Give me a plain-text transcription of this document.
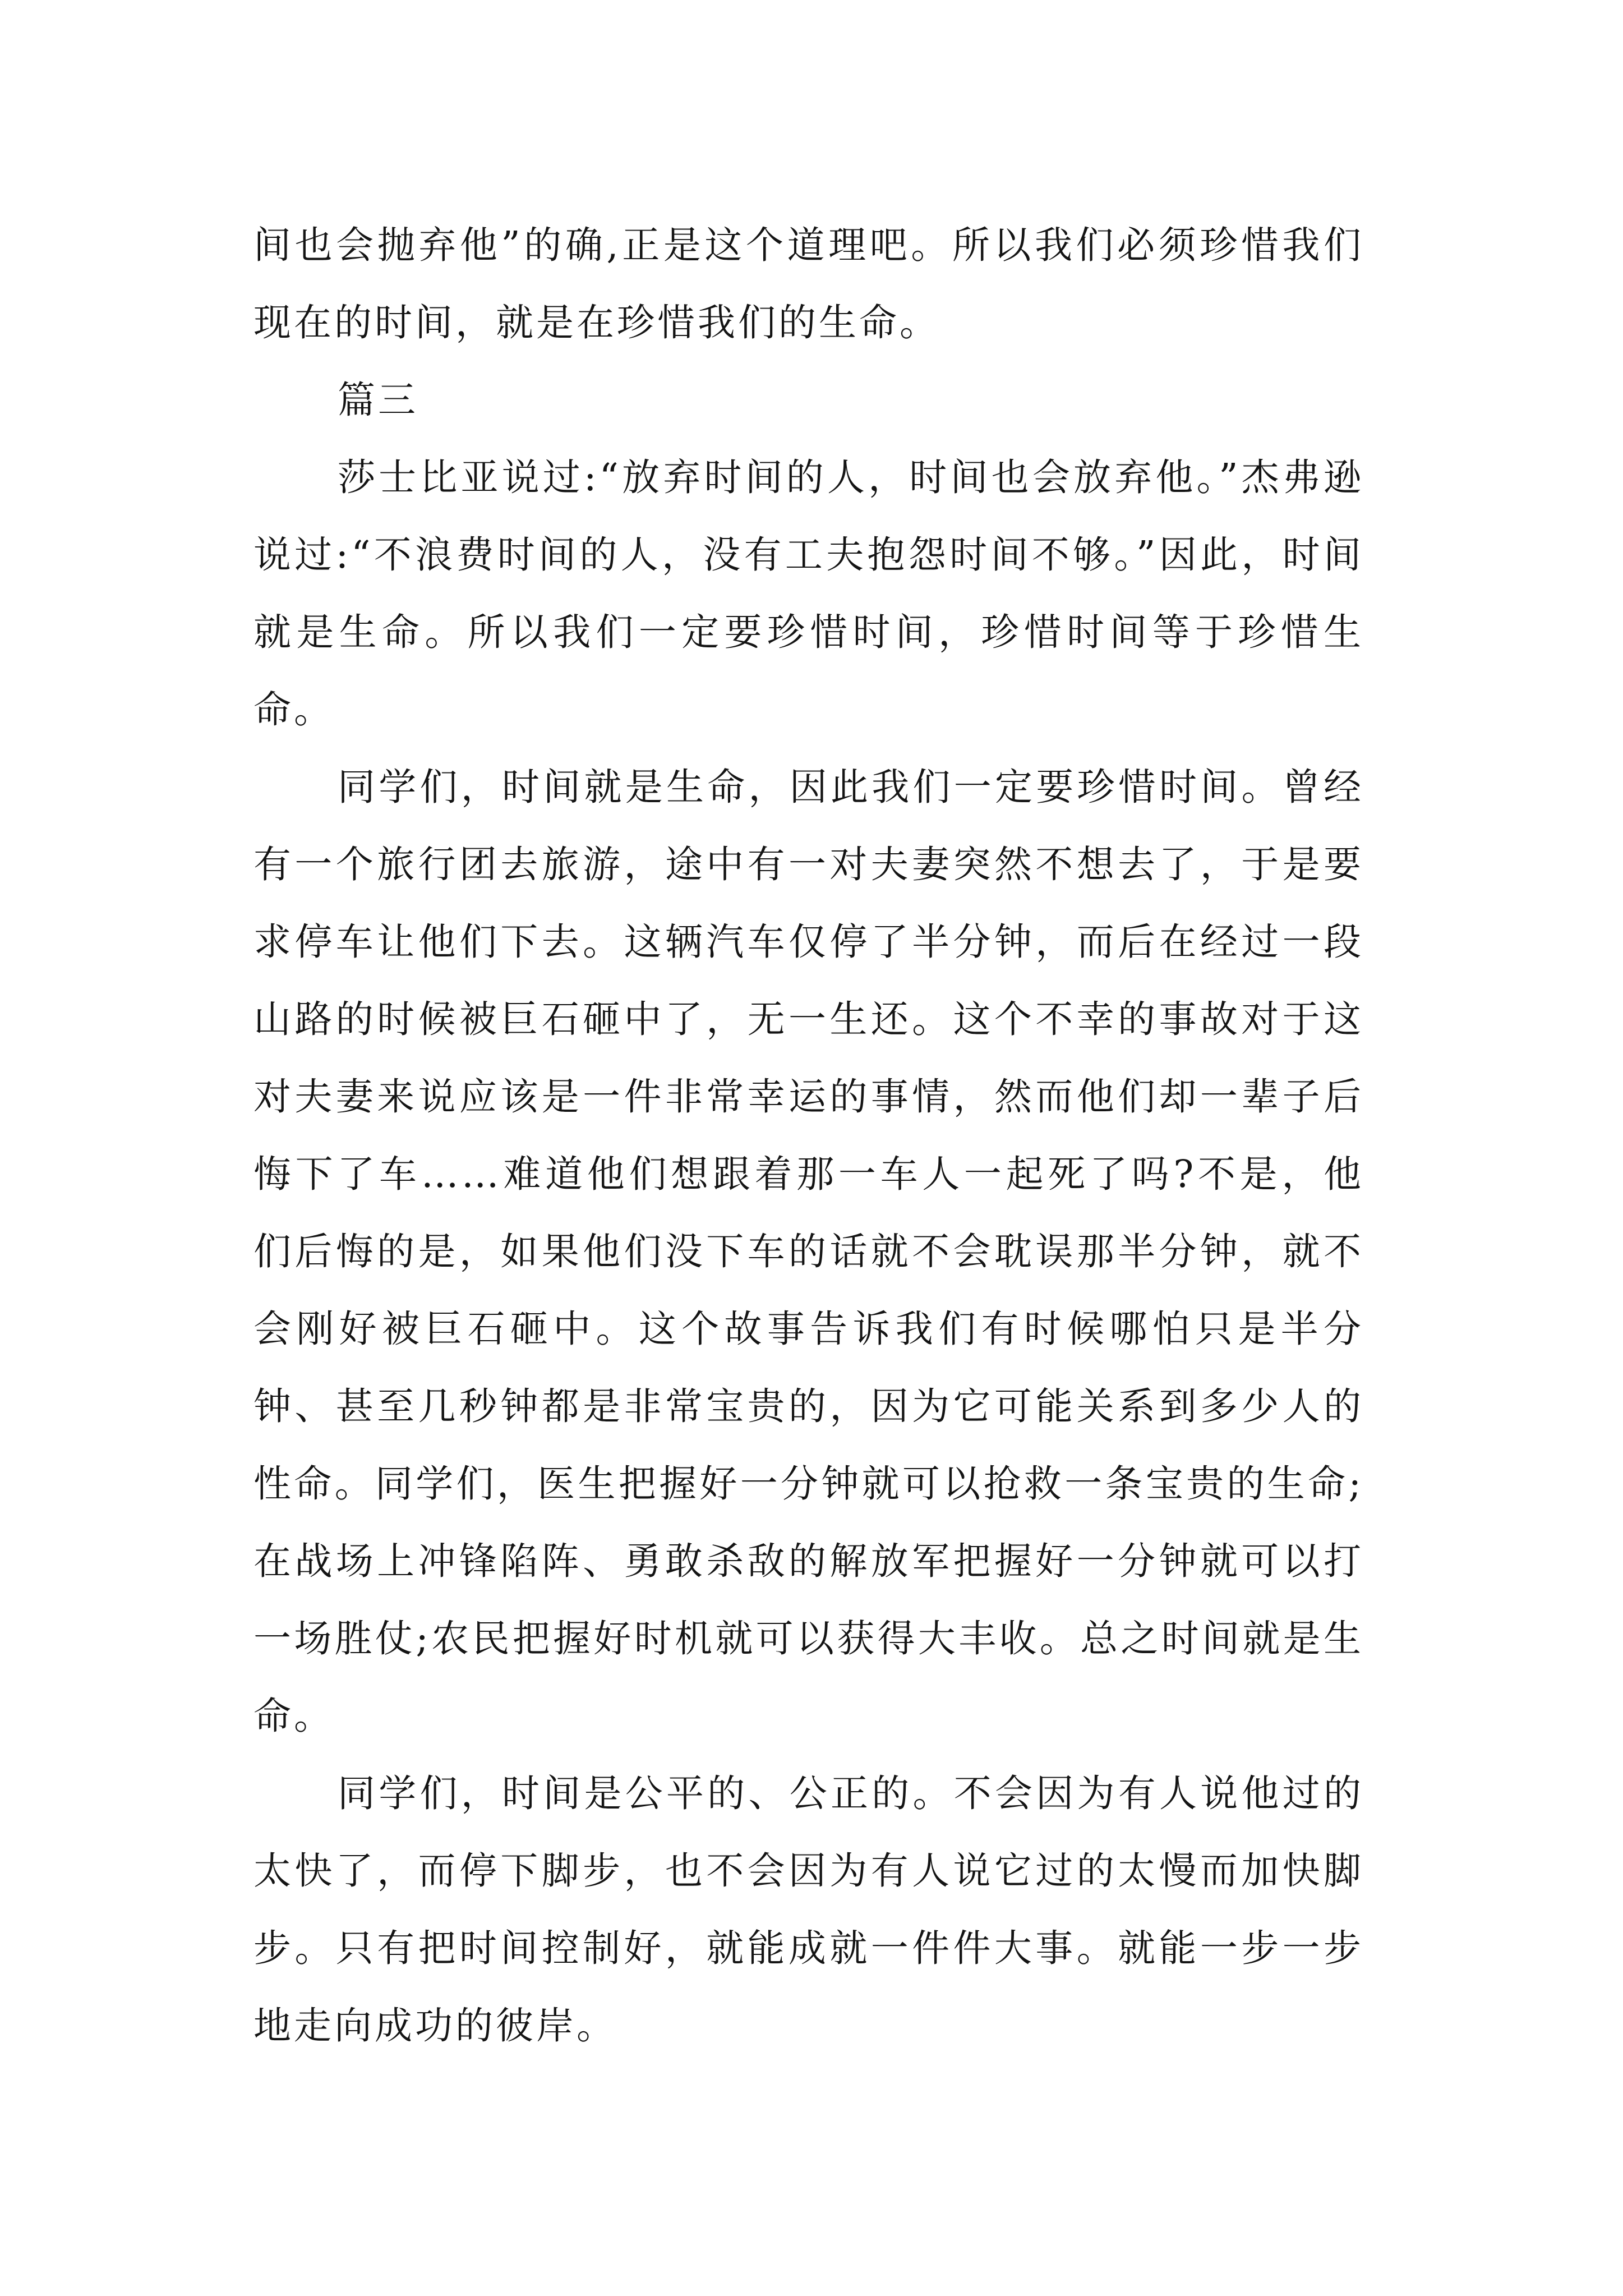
间也会抛弃他”的确,正是这个道理吧。所以我们必须珍惜我们现在的时间，就是在珍惜我们的生命。

篇三

莎士比亚说过:“放弃时间的人，时间也会放弃他。”杰弗逊说过:“不浪费时间的人，没有工夫抱怨时间不够。”因此，时间就是生命。所以我们一定要珍惜时间，珍惜时间等于珍惜生命。

同学们，时间就是生命，因此我们一定要珍惜时间。曾经有一个旅行团去旅游，途中有一对夫妻突然不想去了，于是要求停车让他们下去。这辆汽车仅停了半分钟，而后在经过一段山路的时候被巨石砸中了，无一生还。这个不幸的事故对于这对夫妻来说应该是一件非常幸运的事情，然而他们却一辈子后悔下了车……难道他们想跟着那一车人一起死了吗?不是，他们后悔的是，如果他们没下车的话就不会耽误那半分钟，就不会刚好被巨石砸中。这个故事告诉我们有时候哪怕只是半分钟、甚至几秒钟都是非常宝贵的，因为它可能关系到多少人的性命。同学们，医生把握好一分钟就可以抢救一条宝贵的生命;在战场上冲锋陷阵、勇敢杀敌的解放军把握好一分钟就可以打一场胜仗;农民把握好时机就可以获得大丰收。总之时间就是生命。

同学们，时间是公平的、公正的。不会因为有人说他过的太快了，而停下脚步，也不会因为有人说它过的太慢而加快脚步。只有把时间控制好，就能成就一件件大事。就能一步一步地走向成功的彼岸。
